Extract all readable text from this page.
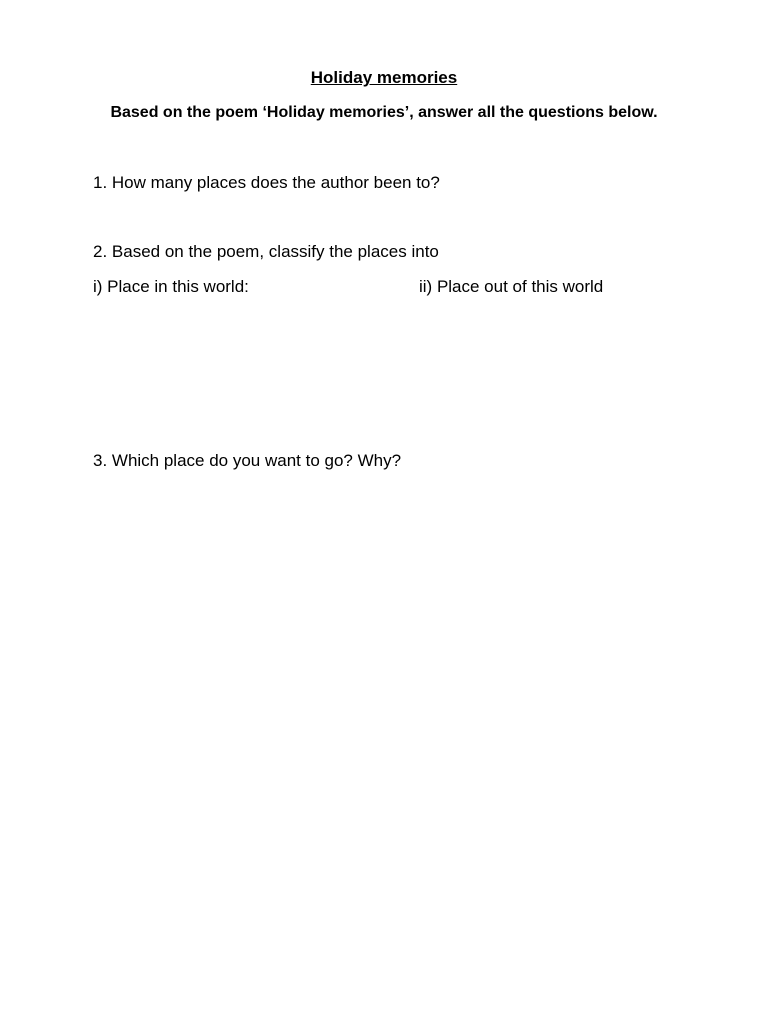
Holiday memories

Based on the poem ‘Holiday memories’, answer all the questions below.

1. How many places does the author been to?

2. Based on the poem, classify the places into

i) Place in this world:	ii) Place out of this world

3. Which place do you want to go? Why?
